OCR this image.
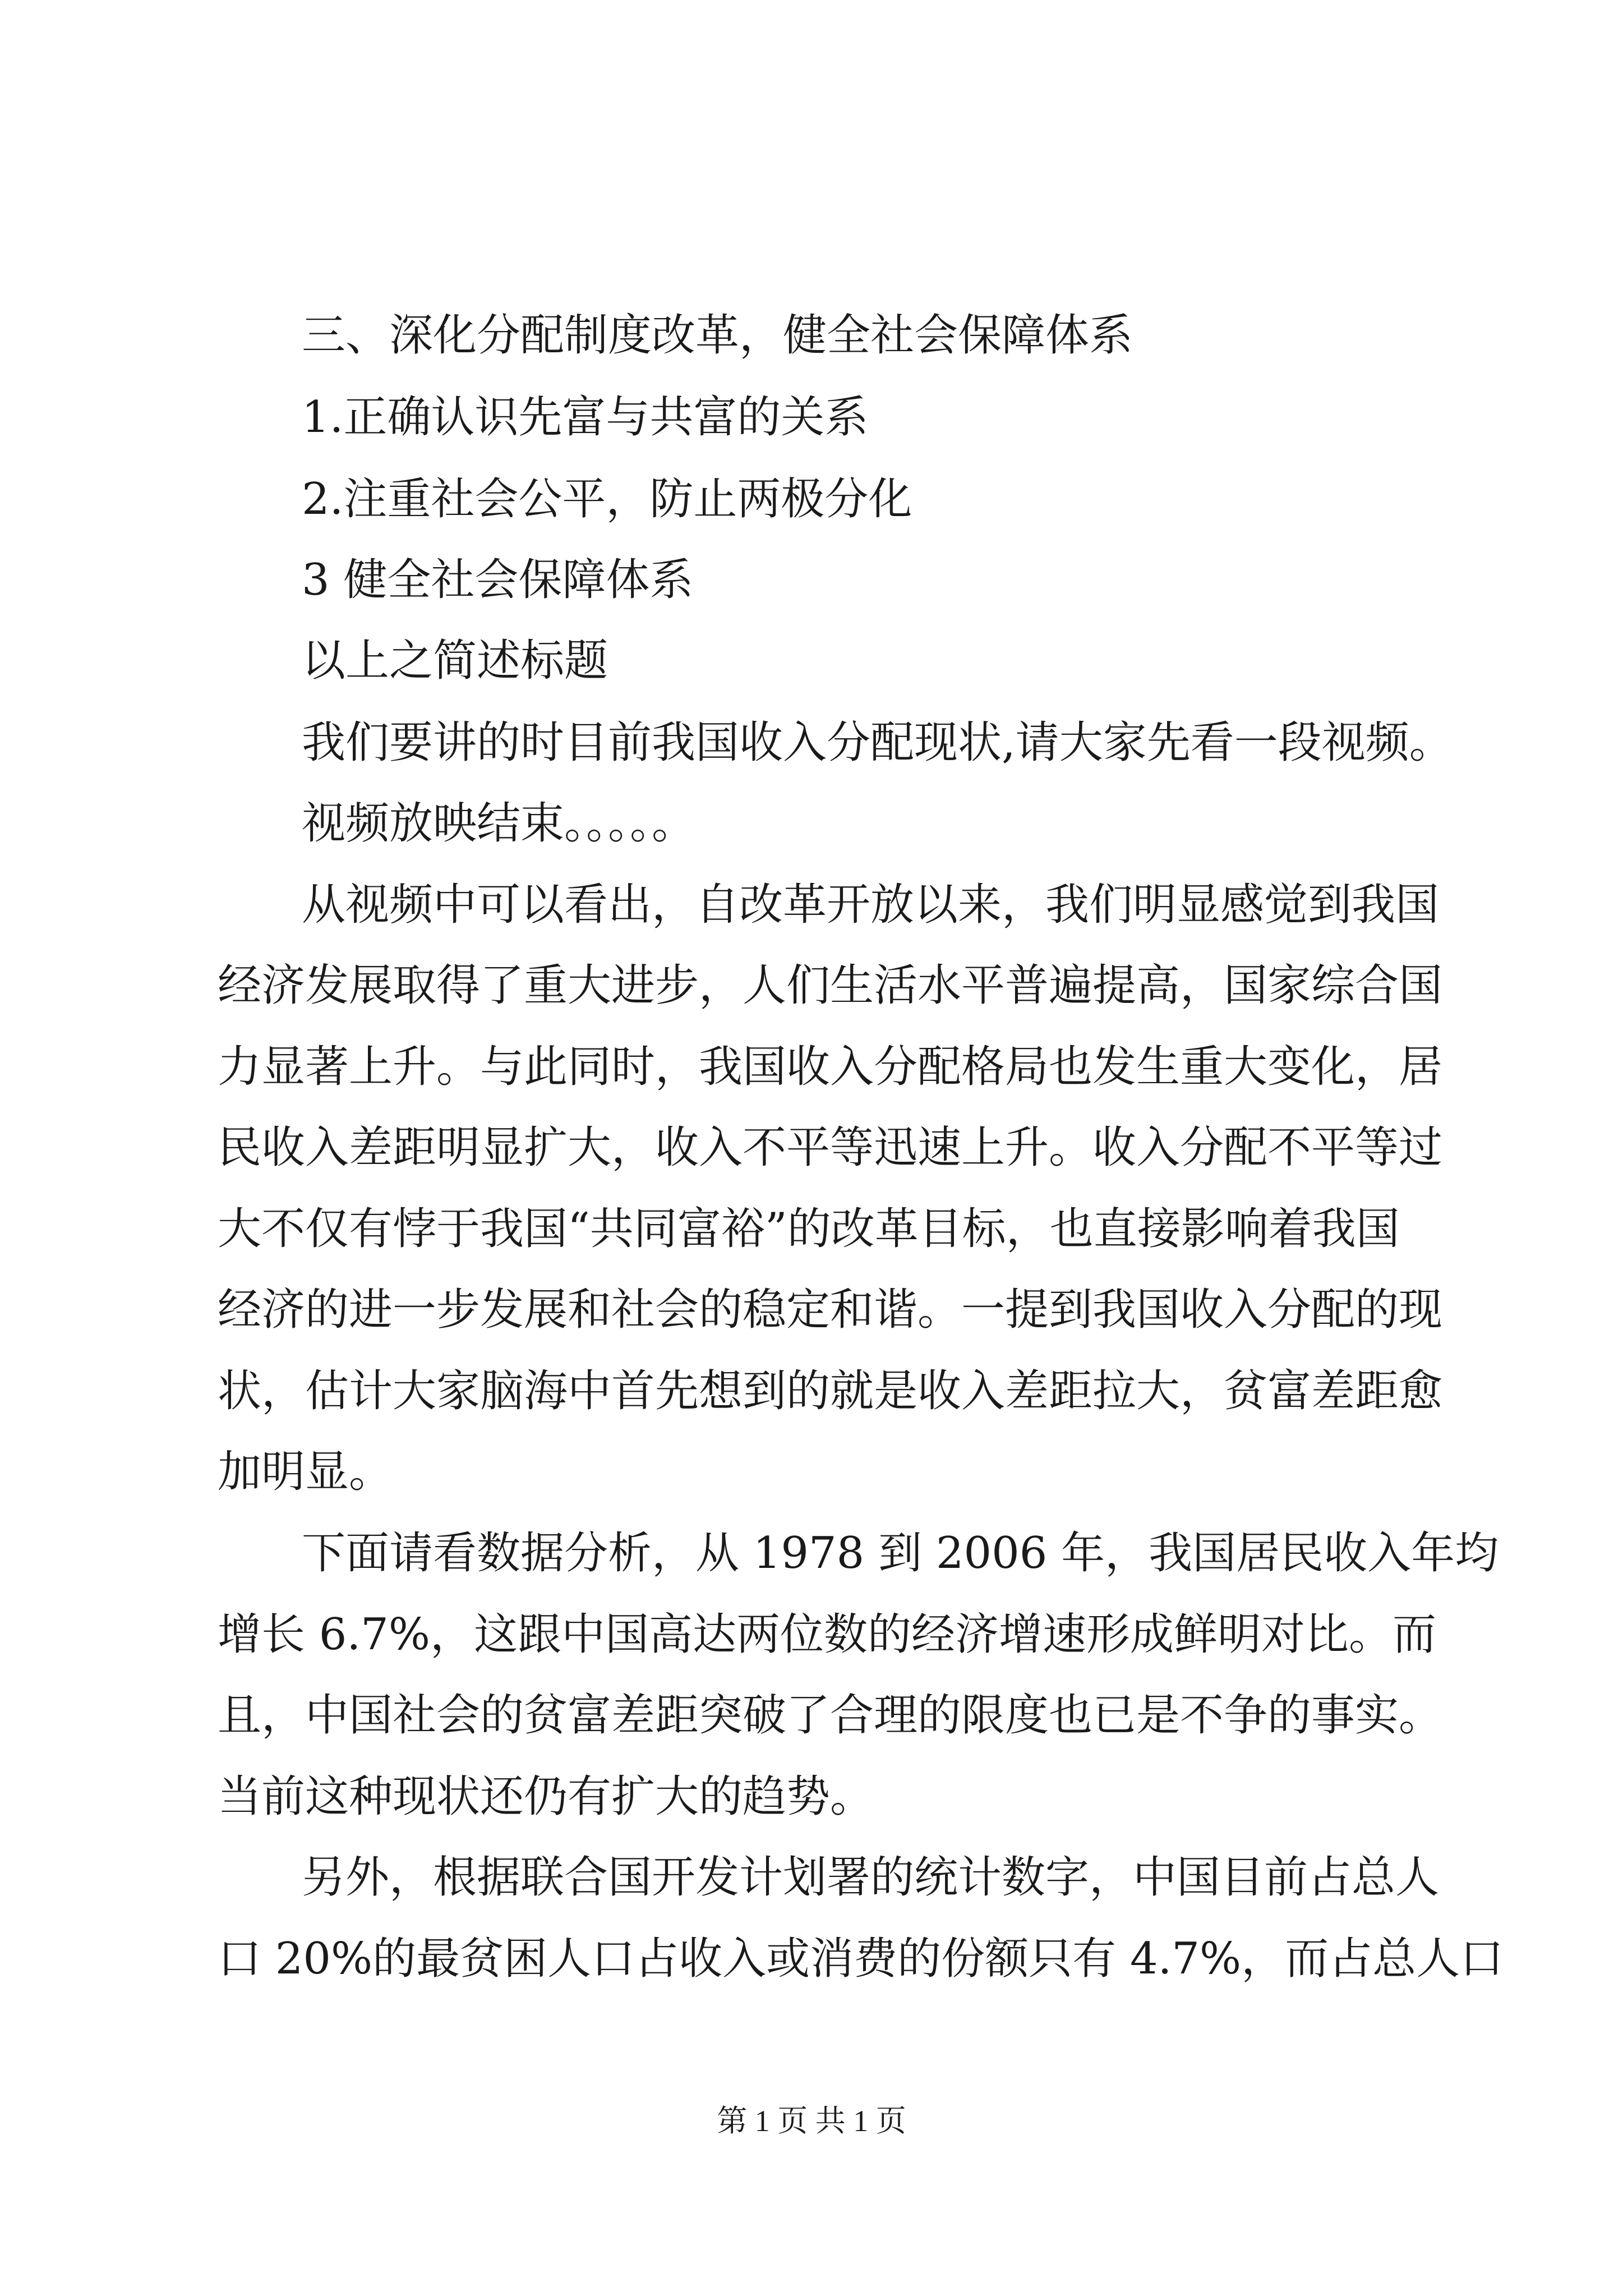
三、深化分配制度改革，健全社会保障体系

1.正确认识先富与共富的关系

2.注重社会公平，防止两极分化

3 健全社会保障体系

以上之简述标题

我们要讲的时目前我国收入分配现状,请大家先看一段视频。

视频放映结束。。。。。

从视频中可以看出，自改革开放以来，我们明显感觉到我国

经济发展取得了重大进步，人们生活水平普遍提高，国家综合国

力显著上升。与此同时，我国收入分配格局也发生重大变化，居

民收入差距明显扩大，收入不平等迅速上升。收入分配不平等过

大不仅有悖于我国“共同富裕”的改革目标，也直接影响着我国

经济的进一步发展和社会的稳定和谐。一提到我国收入分配的现

状，估计大家脑海中首先想到的就是收入差距拉大，贫富差距愈

加明显。

下面请看数据分析，从 1978 到 2006 年，我国居民收入年均

增长 6.7%，这跟中国高达两位数的经济增速形成鲜明对比。而

且，中国社会的贫富差距突破了合理的限度也已是不争的事实。

当前这种现状还仍有扩大的趋势。

另外，根据联合国开发计划署的统计数字，中国目前占总人

口 20%的最贫困人口占收入或消费的份额只有 4.7%，而占总人口

第 1 页 共 1 页
